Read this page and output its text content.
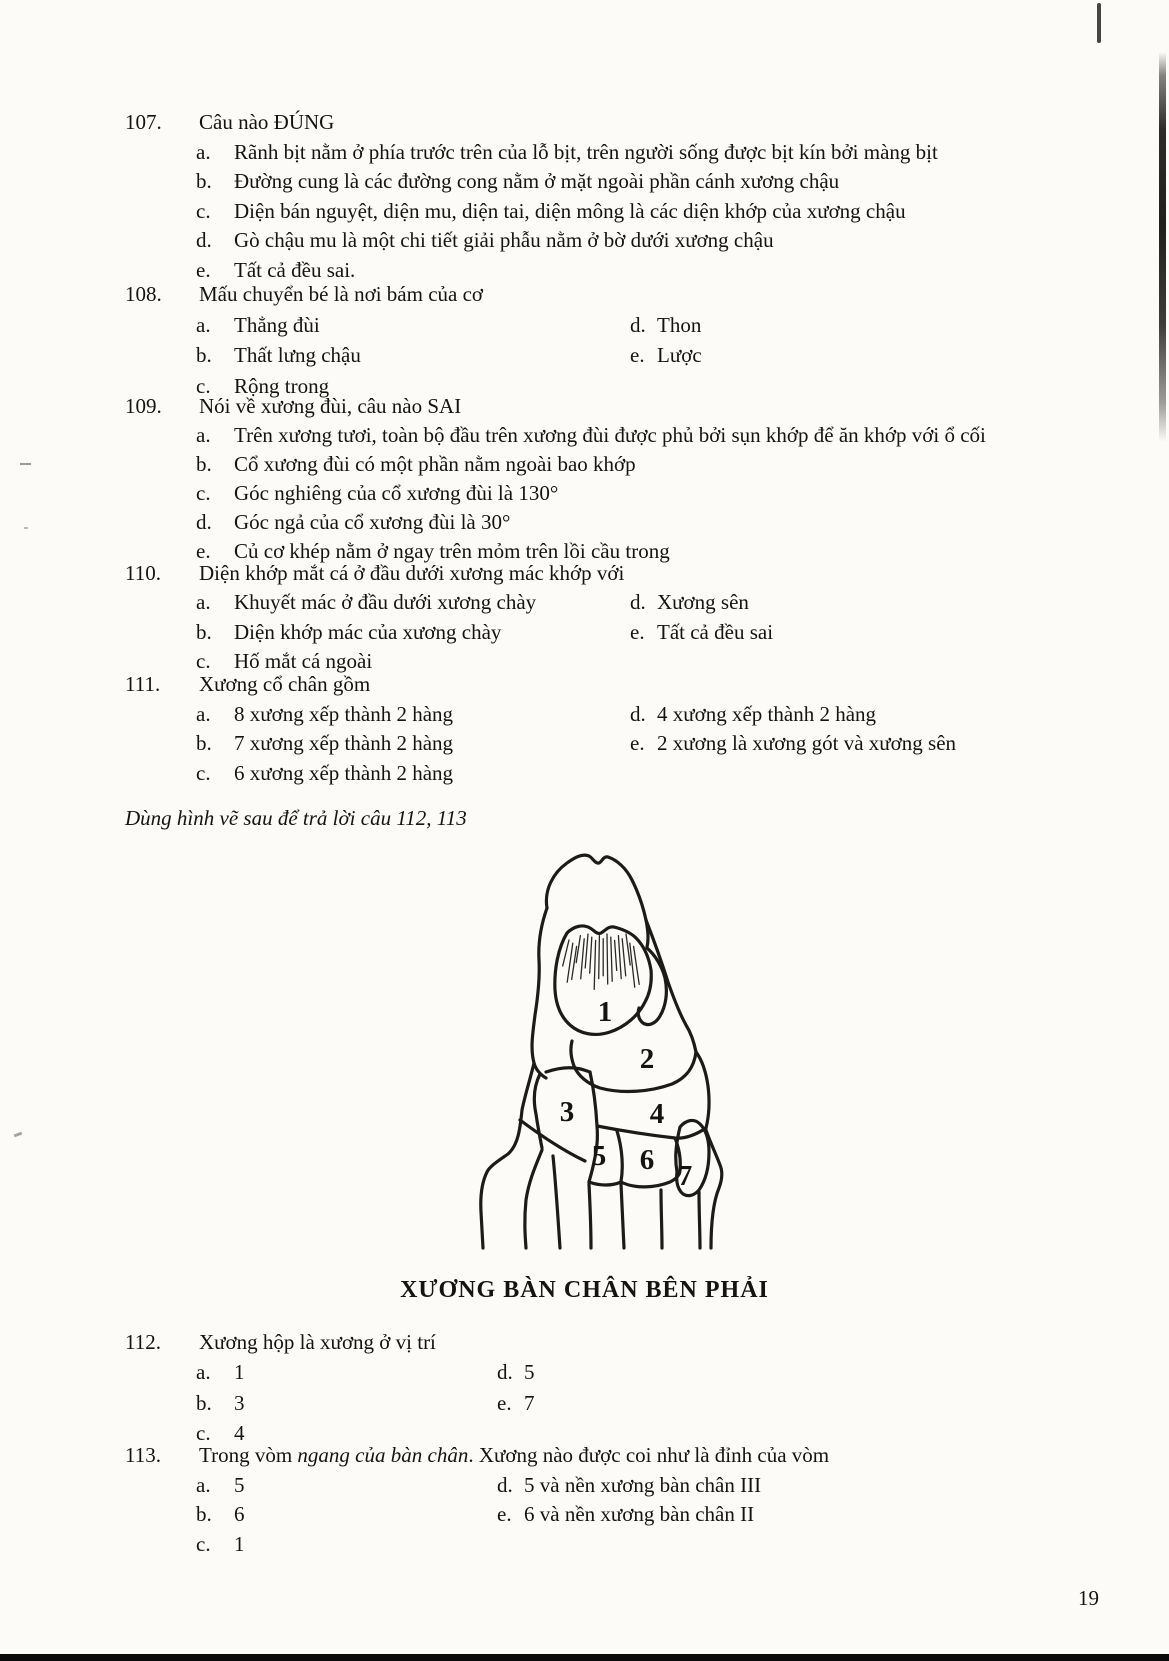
107. Câu nào ĐÚNG
a. Rãnh bịt nằm ở phía trước trên của lỗ bịt, trên người sống được bịt kín bởi màng bịt
b. Đường cung là các đường cong nằm ở mặt ngoài phần cánh xương chậu
c. Diện bán nguyệt, diện mu, diện tai, diện mông là các diện khớp của xương chậu
d. Gò chậu mu là một chi tiết giải phẫu nằm ở bờ dưới xương chậu
e. Tất cả đều sai.
108. Mấu chuyển bé là nơi bám của cơ
a. Thẳng đùi	d. Thon
b. Thất lưng chậu	e. Lược
c. Rộng trong
109. Nói về xương đùi, câu nào SAI
a. Trên xương tươi, toàn bộ đầu trên xương đùi được phủ bởi sụn khớp để ăn khớp với ổ cối
b. Cổ xương đùi có một phần nằm ngoài bao khớp
c. Góc nghiêng của cổ xương đùi là 130°
d. Góc ngả của cổ xương đùi là 30°
e. Củ cơ khép nằm ở ngay trên mỏm trên lồi cầu trong
110. Diện khớp mắt cá ở đầu dưới xương mác khớp với
a. Khuyết mác ở đầu dưới xương chày	d. Xương sên
b. Diện khớp mác của xương chày	e. Tất cả đều sai
c. Hố mắt cá ngoài
111. Xương cổ chân gồm
a. 8 xương xếp thành 2 hàng	d. 4 xương xếp thành 2 hàng
b. 7 xương xếp thành 2 hàng	e. 2 xương là xương gót và xương sên
c. 6 xương xếp thành 2 hàng
112. Xương hộp là xương ở vị trí
a. 1	d. 5
b. 3	e. 7
c. 4
113. Trong vòm ngang của bàn chân. Xương nào được coi như là đỉnh của vòm
a. 5	d. 5 và nền xương bàn chân III
b. 6	e. 6 và nền xương bàn chân II
c. 1
Dùng hình vẽ sau để trả lời câu 112, 113
1
2
3	4
5 6 7
XƯƠNG BÀN CHÂN BÊN PHẢI
19
